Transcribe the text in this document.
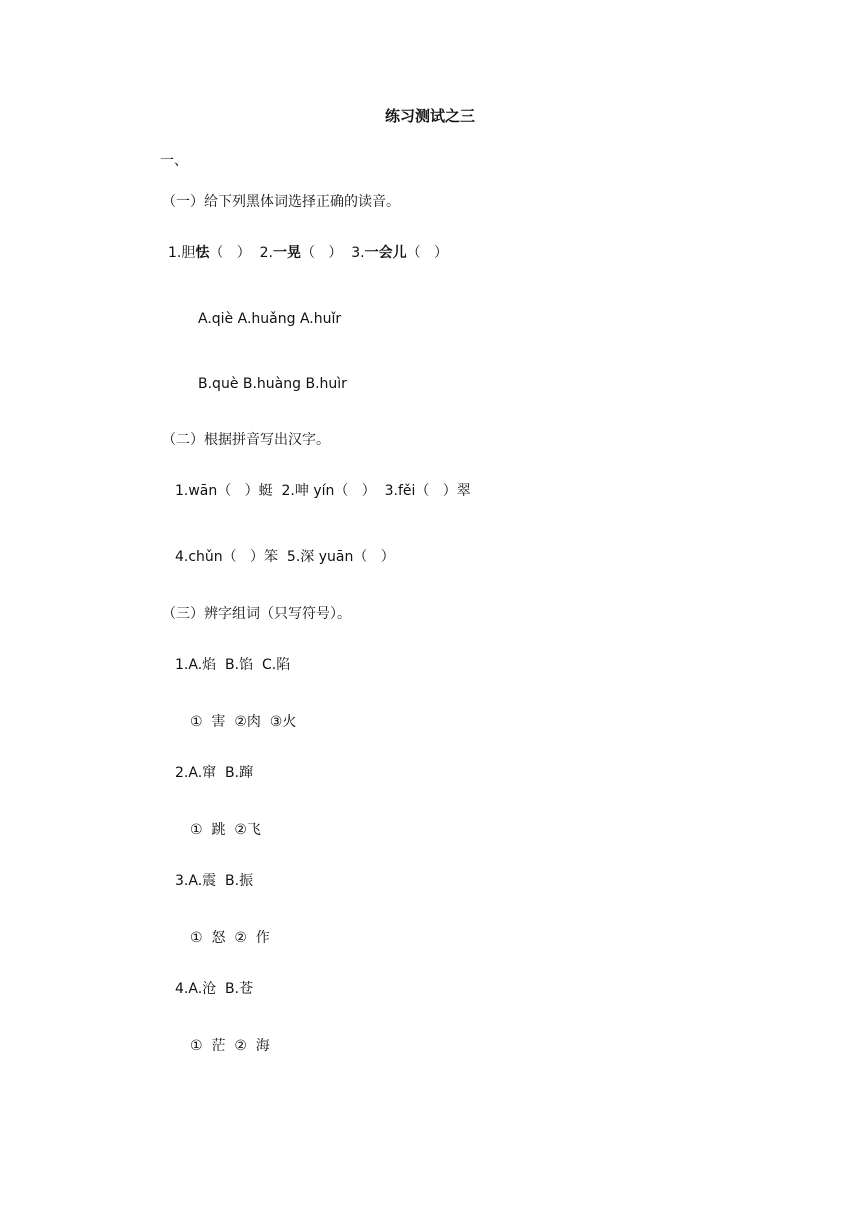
练习测试之三
一、
（一）给下列黑体词选择正确的读音。
1.胆怯（   ） 2.一晃（   ） 3.一会儿（   ）
A.qiè A.huǎng A.huǐr
B.què B.huàng B.huìr
（二）根据拼音写出汉字。
1.wān（   ）蜓  2.呻 yín（   ）  3.fěi（   ）翠
4.chǔn（   ）笨  5.深 yuān（   ）
（三）辨字组词（只写符号）。
1.A.焰  B.馅  C.陷
①  害  ②肉  ③火
2.A.窜  B.蹿
①  跳  ②飞
3.A.震  B.振
①  怒  ②  作
4.A.沧  B.苍
①  茫  ②  海
